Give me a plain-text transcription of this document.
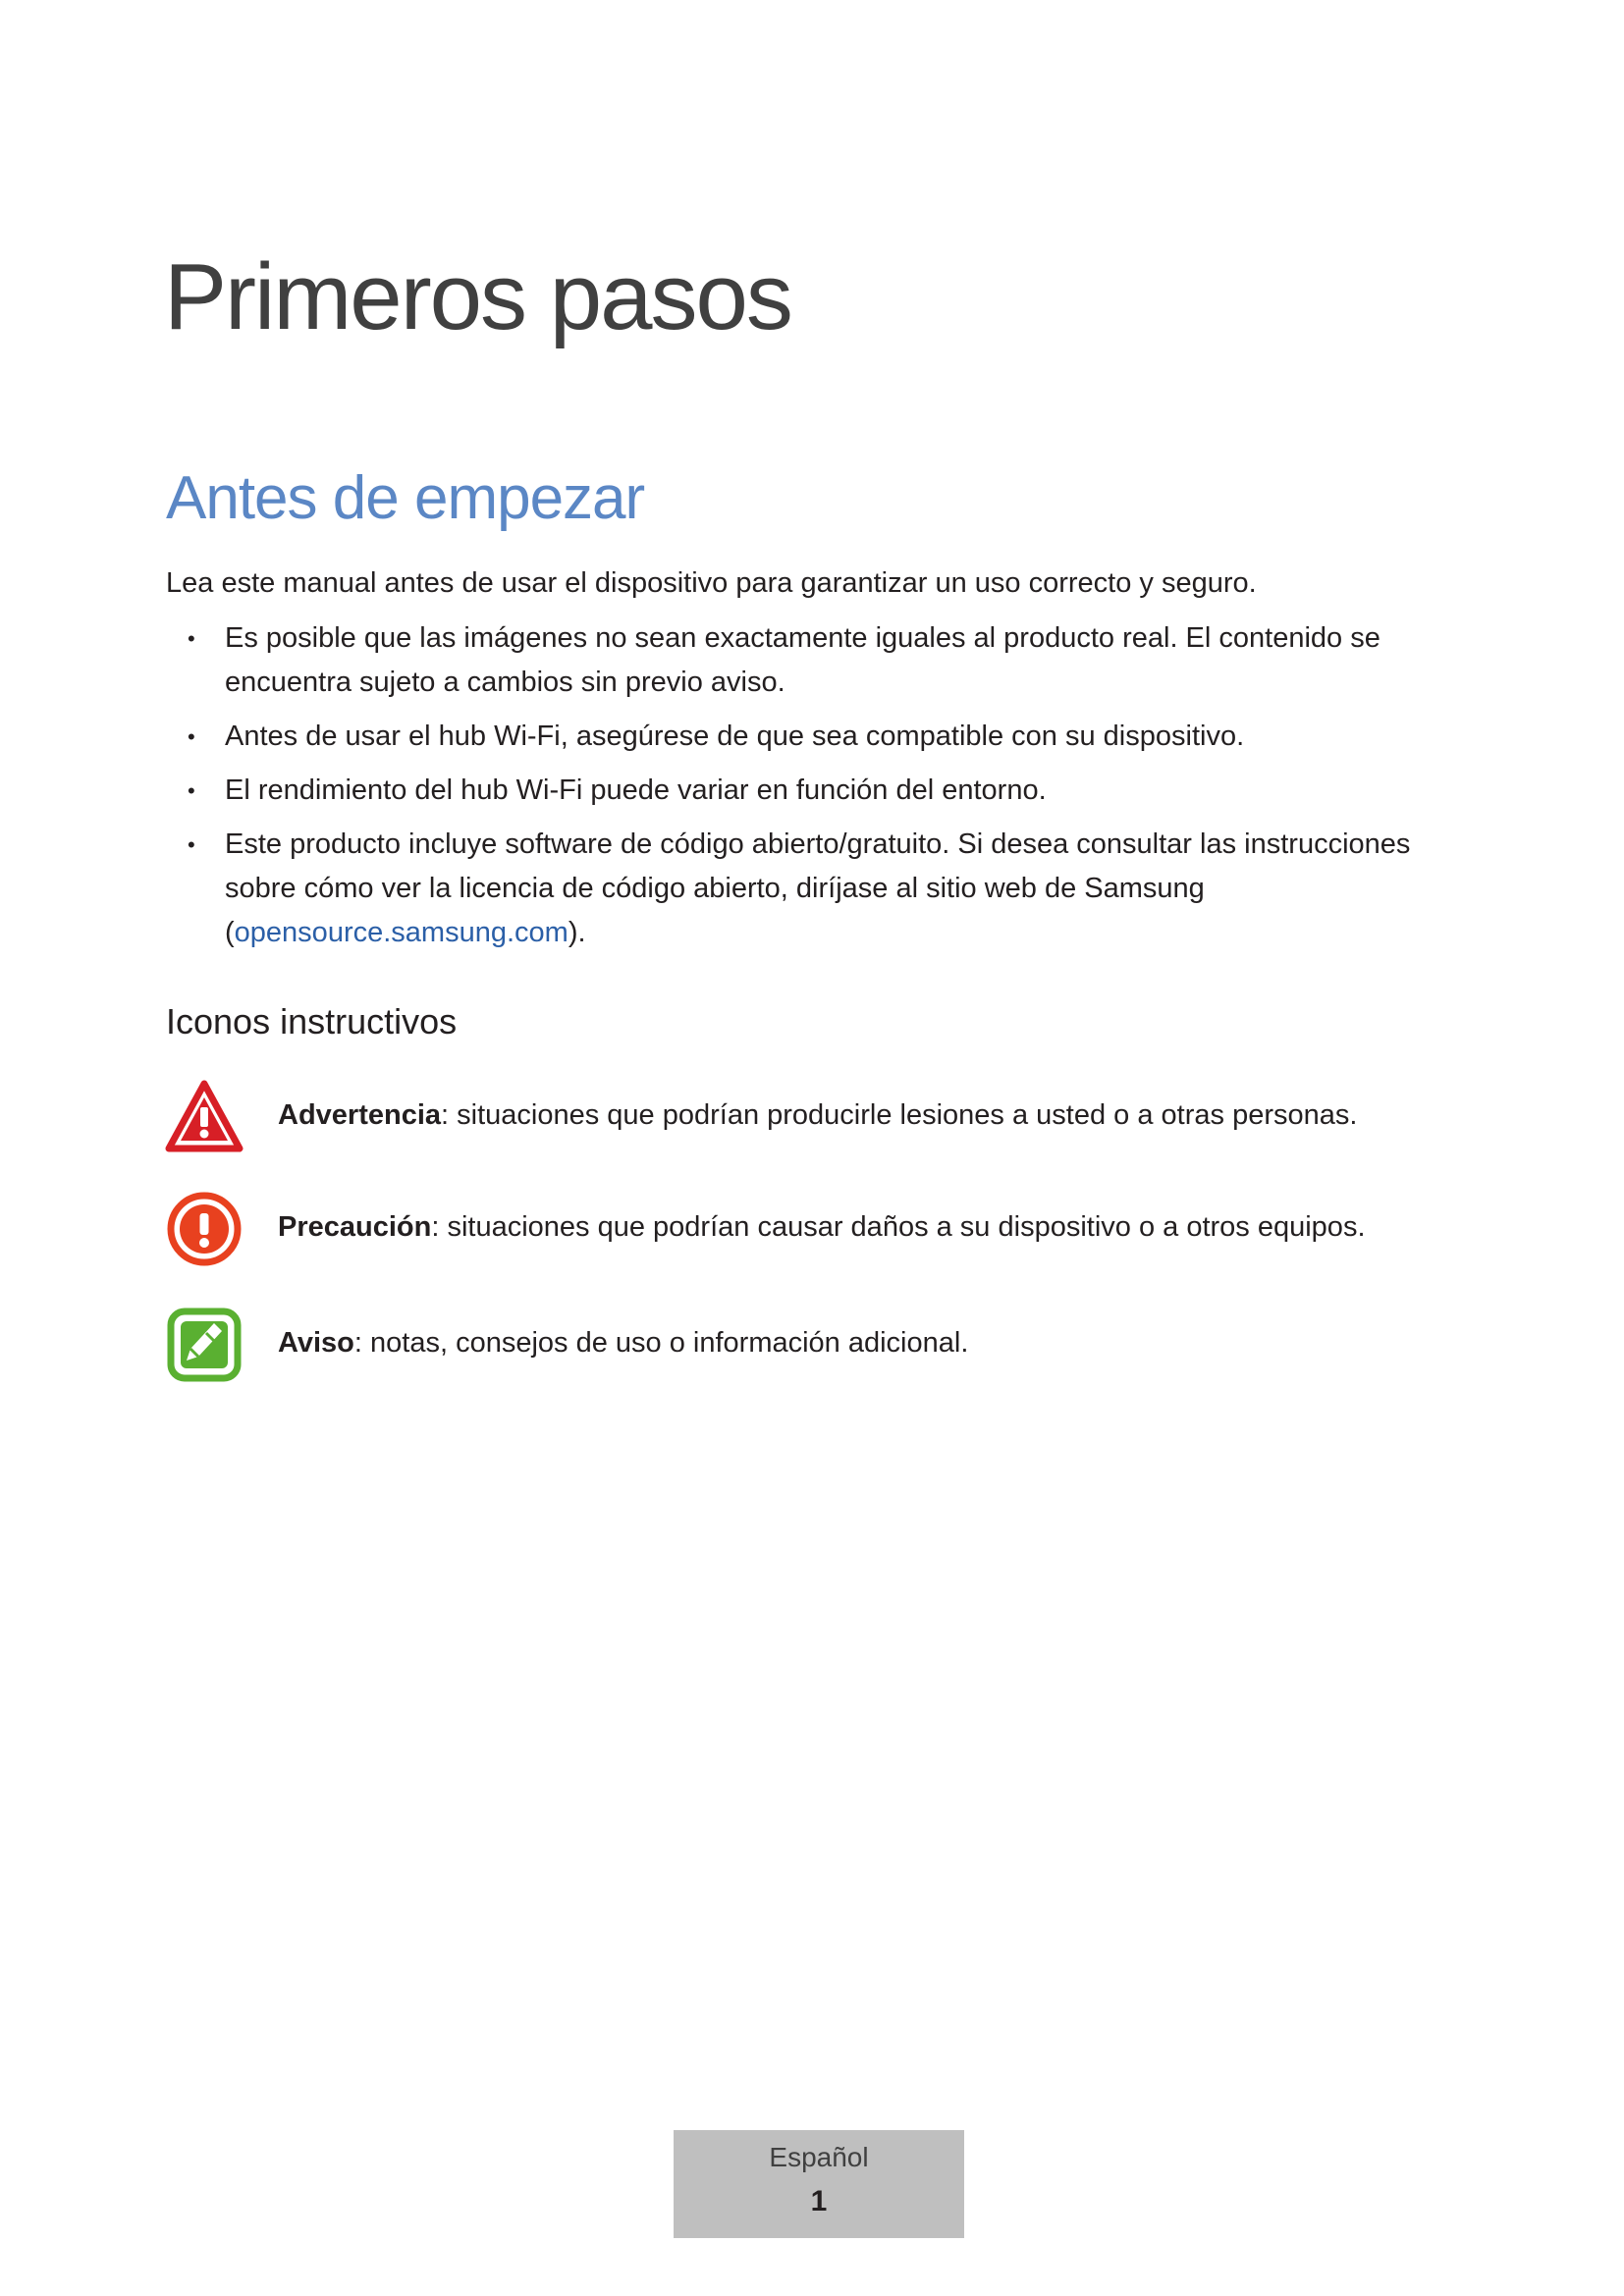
Primeros pasos
Antes de empezar

Lea este manual antes de usar el dispositivo para garantizar un uso correcto y seguro.

• Es posible que las imágenes no sean exactamente iguales al producto real. El contenido se encuentra sujeto a cambios sin previo aviso.
• Antes de usar el hub Wi-Fi, asegúrese de que sea compatible con su dispositivo.
• El rendimiento del hub Wi-Fi puede variar en función del entorno.
• Este producto incluye software de código abierto/gratuito. Si desea consultar las instrucciones sobre cómo ver la licencia de código abierto, diríjase al sitio web de Samsung (opensource.samsung.com).
Iconos instructivos
Advertencia: situaciones que podrían producirle lesiones a usted o a otras personas.
Precaución: situaciones que podrían causar daños a su dispositivo o a otros equipos.
Aviso: notas, consejos de uso o información adicional.
Español
1
